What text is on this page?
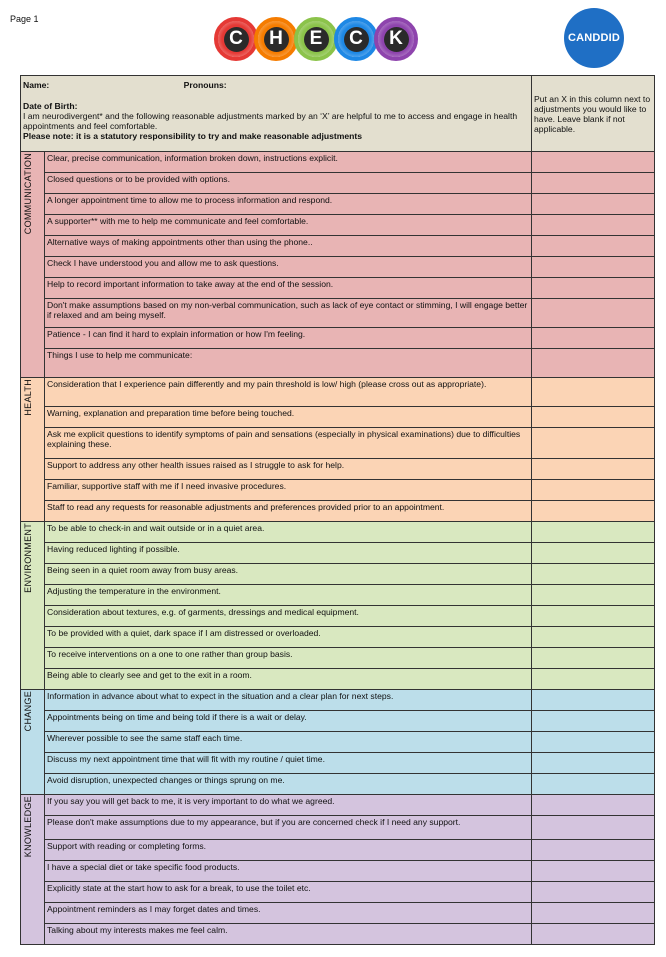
Page 1
C H	E	C K	CANDDID
Name: Pronouns:
Date of Birth:
I am neurodivergent* and the following reasonable adjustments marked by an ‘X’ are helpful to me to access and engage in health appointments and feel comfortable.
Please note: it is a statutory responsibility to try and make reasonable adjustments		Put an X in this column next to adjustments you would like to have. Leave blank if not applicable.

COMMUNICATION	Clear, precise communication, information broken down, instructions explicit.	
	Closed questions or to be provided with options.	
	A longer appointment time to allow me to process information and respond.	
	A supporter** with me to help me communicate and feel comfortable.	
	Alternative ways of making appointments other than using the phone..	
	Check I have understood you and allow me to ask questions.	
	Help to record important information to take away at the end of the session.	
	Don't make assumptions based on my non-verbal communication, such as lack of eye contact or stimming, I will engage better if relaxed and am being myself.	
	Patience - I can find it hard to explain information or how I'm feeling.	
	Things I use to help me communicate:	

HEALTH	Consideration that I experience pain differently and my pain threshold is low/ high (please cross out as appropriate).	
	Warning, explanation and preparation time before being touched.	
	Ask me explicit questions to identify symptoms of pain and sensations (especially in physical examinations) due to difficulties explaining these.	
	Support to address any other health issues raised as I struggle to ask for help.	
	Familiar, supportive staff with me if I need invasive procedures.	
	Staff to read any requests for reasonable adjustments and preferences provided prior to an appointment.	

ENVIRONMENT	To be able to check-in and wait outside or in a quiet area.	
	Having reduced lighting if possible.	
	Being seen in a quiet room away from busy areas.	
	Adjusting the temperature in the environment.	
	Consideration about textures, e.g. of garments, dressings and medical equipment.	
	To be provided with a quiet, dark space if I am distressed or overloaded.	
	To receive interventions on a one to one rather than group basis.	
	Being able to clearly see and get to the exit in a room.	

CHANGE	Information in advance about what to expect in the situation and a clear plan for next steps.	
	Appointments being on time and being told if there is a wait or delay.	
	Wherever possible to see the same staff each time.	
	Discuss my next appointment time that will fit with my routine / quiet time.	
	Avoid disruption, unexpected changes or things sprung on me.	

KNOWLEDGE	If you say you will get back to me, it is very important to do what we agreed.	
	Please don't make assumptions due to my appearance, but if you are concerned check if I need any support.	
	Support with reading or completing forms.	
	I have a special diet or take specific food products.	
	Explicitly state at the start how to ask for a break, to use the toilet etc.	
	Appointment reminders as I may forget dates and times.	
	Talking about my interests makes me feel calm.	
